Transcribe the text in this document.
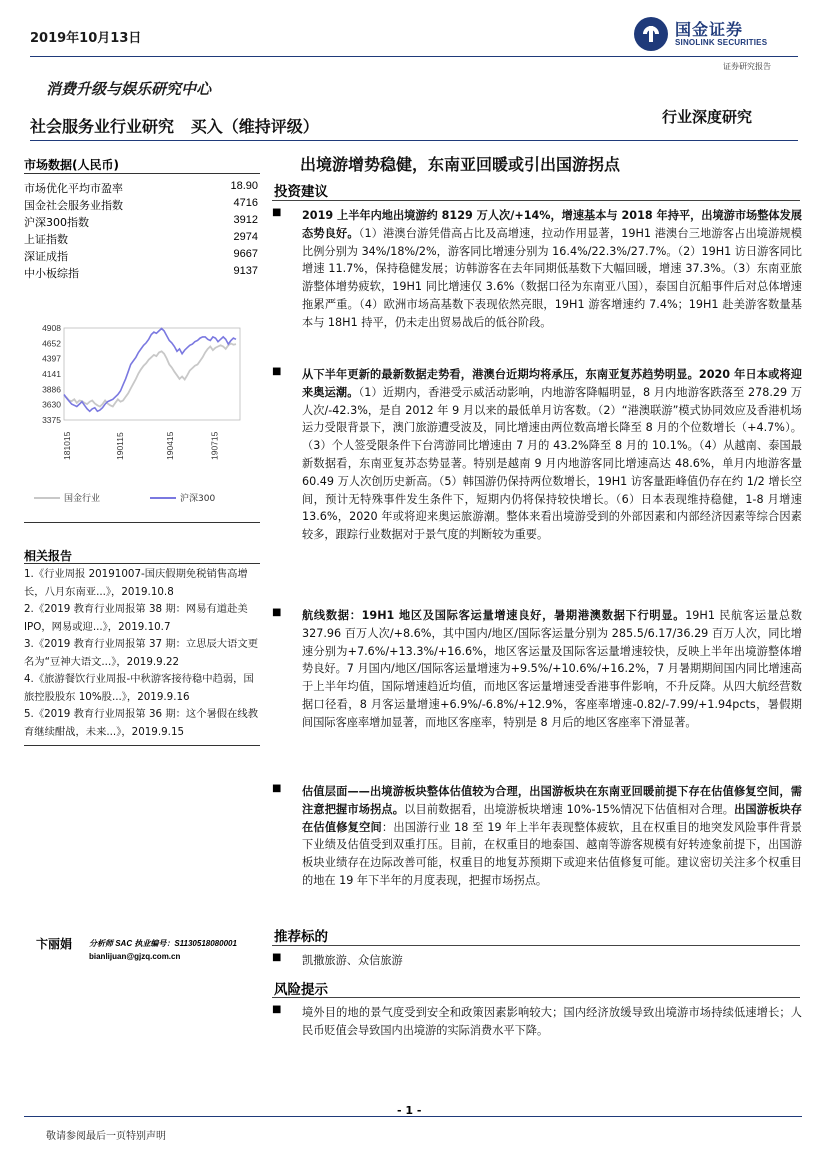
2019年10月13日	国金证券
SINOLINK SECURITIES
证券研究报告
消费升级与娱乐研究中心
社会服务业行业研究   买入（维持评级）	行业深度研究
市场数据(人民币)
市场优化平均市盈率	18.90
国金社会服务业指数	4716
沪深300指数	3912
上证指数	2974
深证成指	9667
中小板综指	9137
4908
4652
4397
4141
3886
3630
3375
181015	190115	190415	190715
国金行业	沪深300
相关报告
1.《行业周报 20191007-国庆假期免税销售高增长，八月东南亚...》，2019.10.8
2.《2019 教育行业周报第 38 期：网易有道赴美 IPO，网易或迎...》，2019.10.7
3.《2019 教育行业周报第 37 期：立思辰大语文更名为“豆神大语文...》，2019.9.22
4.《旅游餐饮行业周报-中秋游客接待稳中趋弱，国旅控股股东 10%股...》，2019.9.16
5.《2019 教育行业周报第 36 期：这个暑假在线教育继续酣战，未来...》，2019.9.15
卞丽娟 分析师 SAC 执业编号：S1130518080001
bianlijuan@gjzq.com.cn
出境游增势稳健，东南亚回暖或引出国游拐点
投资建议
■ 2019 上半年内地出境游约 8129 万人次/+14%，增速基本与 2018 年持平，出境游市场整体发展态势良好。（1）港澳台游凭借高占比及高增速，拉动作用显著，19H1 港澳台三地游客占出境游规模比例分别为 34%/18%/2%，游客同比增速分别为 16.4%/22.3%/27.7%。（2）19H1 访日游客同比增速 11.7%，保持稳健发展；访韩游客在去年同期低基数下大幅回暖，增速 37.3%。（3）东南亚旅游整体增势疲软，19H1 同比增速仅 3.6%（数据口径为东南亚八国），泰国自沉船事件后对总体增速拖累严重。（4）欧洲市场高基数下表现依然亮眼，19H1 游客增速约 7.4%；19H1 赴美游客数量基本与 18H1 持平，仍未走出贸易战后的低谷阶段。
■ 从下半年更新的最新数据走势看，港澳台近期均将承压，东南亚复苏趋势明显。2020 年日本或将迎来奥运潮。（1）近期内，香港受示威活动影响，内地游客降幅明显，8 月内地游客跌落至 278.29 万人次/-42.3%，是自 2012 年 9 月以来的最低单月访客数。（2）“港澳联游”模式协同效应及香港机场运力受限背景下，澳门旅游遭受波及，同比增速由两位数高增长降至 8 月的个位数增长（+4.7%）。（3）个人签受限条件下台湾游同比增速由 7 月的 43.2%降至 8 月的 10.1%。（4）从越南、泰国最新数据看，东南亚复苏态势显著。特别是越南 9 月内地游客同比增速高达 48.6%，单月内地游客量 60.49 万人次创历史新高。（5）韩国游仍保持两位数增长，19H1 访客量距峰值仍存在约 1/2 增长空间，预计无特殊事件发生条件下，短期内仍将保持较快增长。（6）日本表现维持稳健，1-8 月增速 13.6%，2020 年或将迎来奥运旅游潮。整体来看出境游受到的外部因素和内部经济因素等综合因素较多，跟踪行业数据对于景气度的判断较为重要。
■ 航线数据：19H1 地区及国际客运量增速良好，暑期港澳数据下行明显。19H1 民航客运量总数 327.96 百万人次/+8.6%，其中国内/地区/国际客运量分别为 285.5/6.17/36.29 百万人次，同比增速分别为+7.6%/+13.3%/+16.6%，地区客运量及国际客运量增速较快，反映上半年出境游整体增势良好。7 月国内/地区/国际客运量增速为+9.5%/+10.6%/+16.2%，7 月暑期期间国内同比增速高于上半年均值，国际增速趋近均值，而地区客运量增速受香港事件影响，不升反降。从四大航经营数据口径看，8 月客运量增速+6.9%/-6.8%/+12.9%，客座率增速-0.82/-7.99/+1.94pcts，暑假期间国际客座率增加显著，而地区客座率，特别是 8 月后的地区客座率下滑显著。
■ 估值层面——出境游板块整体估值较为合理，出国游板块在东南亚回暖前提下存在估值修复空间，需注意把握市场拐点。以目前数据看，出境游板块增速 10%-15%情况下估值相对合理。出国游板块存在估值修复空间：出国游行业 18 至 19 年上半年表现整体疲软，且在权重目的地突发风险事件背景下业绩及估值受到双重打压。目前，在权重目的地泰国、越南等游客规模有好转迹象前提下，出国游板块业绩存在边际改善可能，权重目的地复苏预期下或迎来估值修复可能。建议密切关注多个权重目的地在 19 年下半年的月度表现，把握市场拐点。
推荐标的
■ 凯撒旅游、众信旅游
风险提示
■ 境外目的地的景气度受到安全和政策因素影响较大；国内经济放缓导致出境游市场持续低速增长；人民币贬值会导致国内出境游的实际消费水平下降。
- 1 -
敬请参阅最后一页特别声明
